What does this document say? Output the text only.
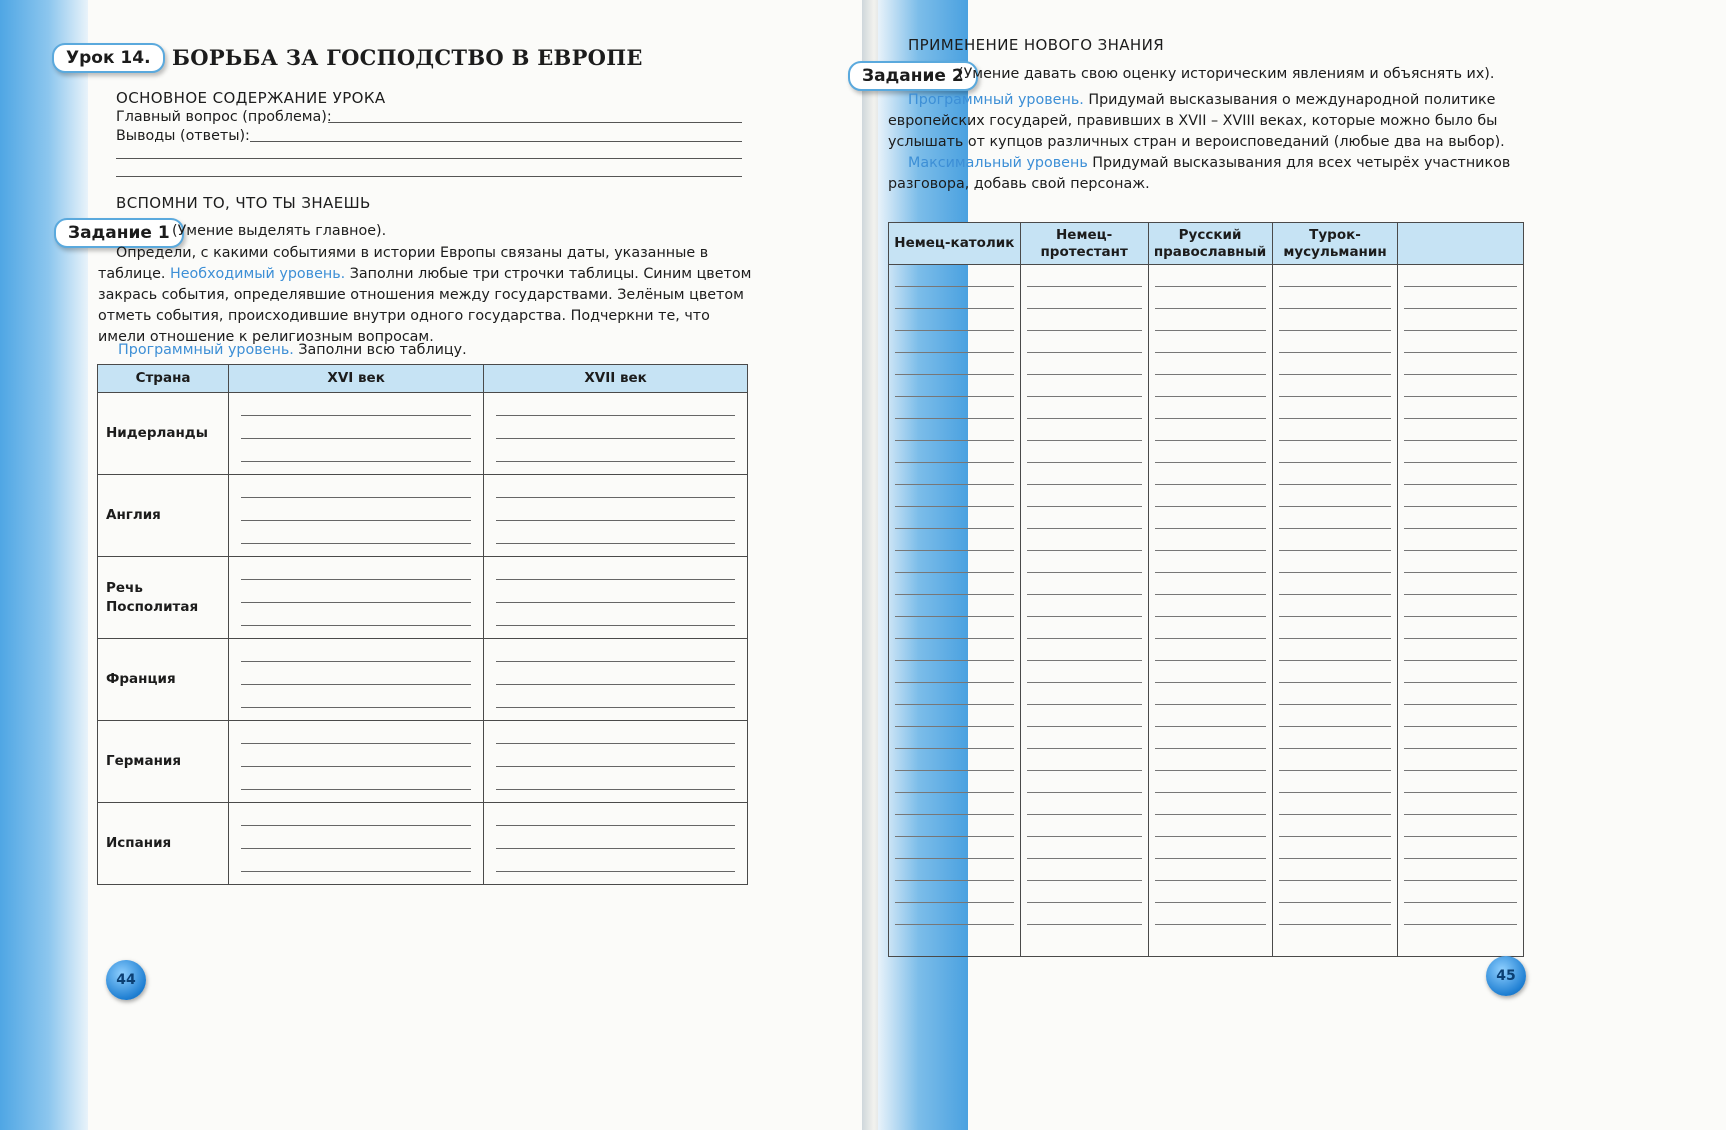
Урок 14.	БОРЬБА ЗА ГОСПОДСТВО В ЕВРОПЕ
ОСНОВНОЕ СОДЕРЖАНИЕ УРОКА
Главный вопрос (проблема):
Выводы (ответы):
ВСПОМНИ ТО, ЧТО ТЫ ЗНАЕШЬ
Задание 1 (Умение выделять главное).
Определи, с какими событиями в истории Европы связаны даты, указанные в таблице. Необходимый уровень. Заполни любые три строчки таблицы. Синим цветом закрась события, определявшие отношения между государствами. Зелёным цветом отметь события, происходившие внутри одного государства. Подчеркни те, что имели отношение к религиозным вопросам.
Программный уровень. Заполни всю таблицу.
Страна	XVI век	XVII век
Нидерланды	

Англия	

Речь Посполитая	

Франция	

Германия	

Испания	

44
ПРИМЕНЕНИЕ НОВОГО ЗНАНИЯ
Задание 2
(Умение давать свою оценку историческим явлениям и объяснять их).
Программный уровень. Придумай высказывания о международной политике европейских государей, правивших в XVII – XVIII веках, которые можно было бы услышать от купцов различных стран и вероисповеданий (любые два на выбор).
Максимальный уровень Придумай высказывания для всех четырёх участников разговора, добавь свой персонаж.
Немец-католик	Немец-протестант	Русский православный	Турок-мусульманин	

45
